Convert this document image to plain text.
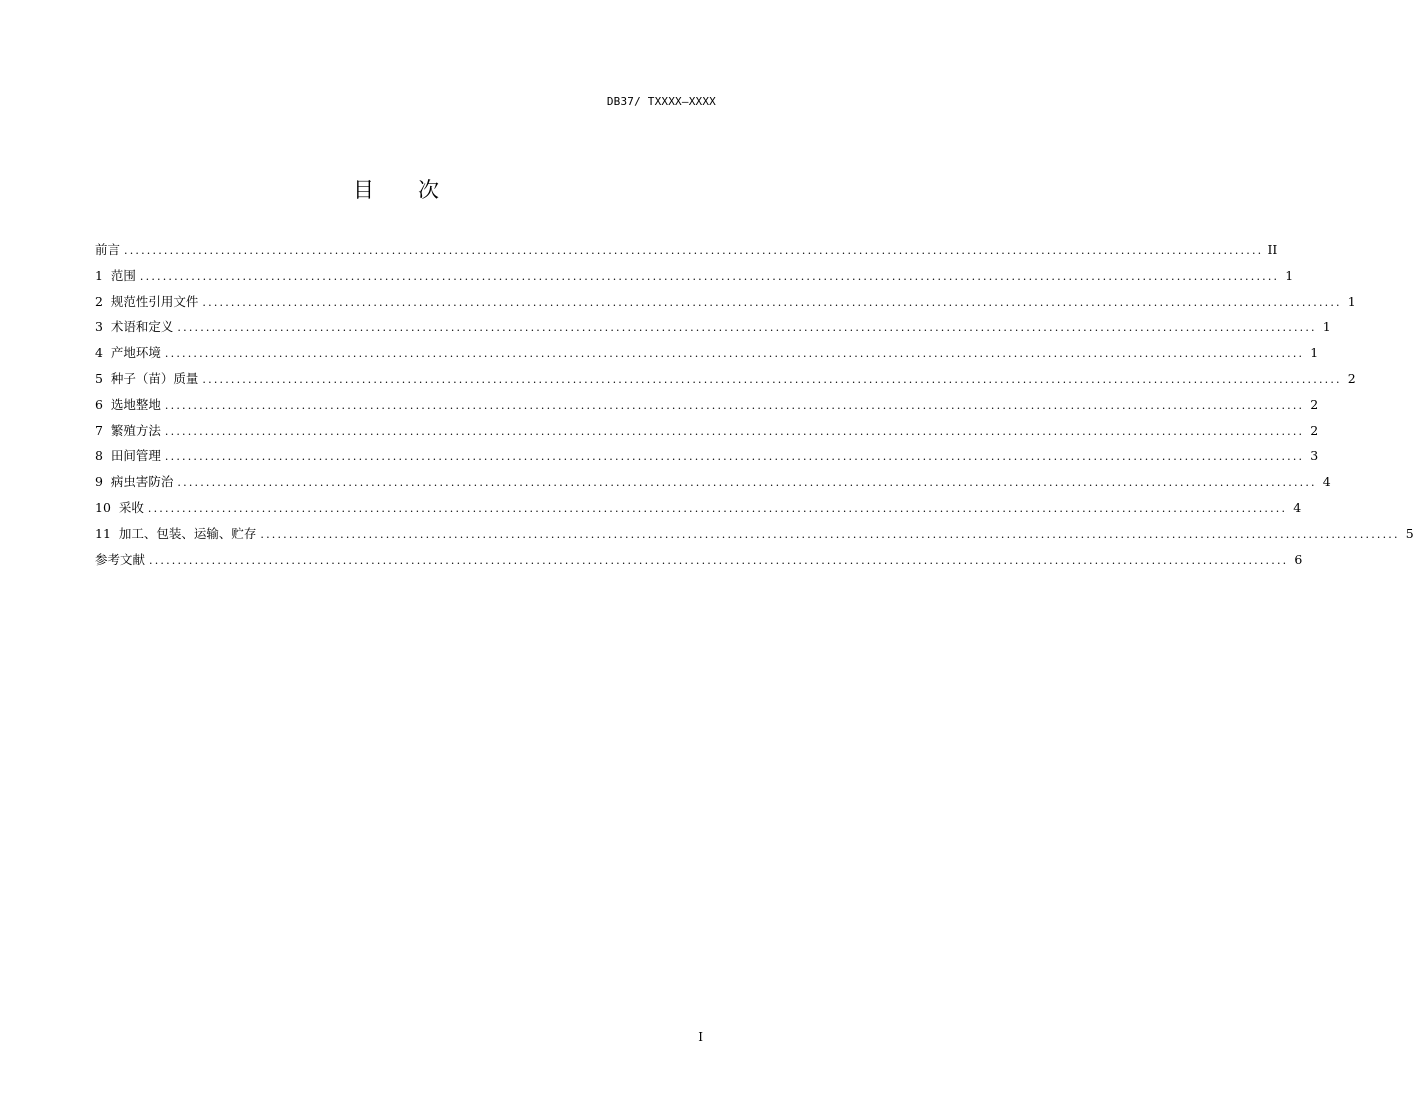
DB37/ TXXXX—XXXX
目 次
前言 ........................................................................................................................................................................................................ II
1 范围 ........................................................................................................................................................................................................ 1
2 规范性引用文件 ........................................................................................................................................................................................................ 1
3 术语和定义 ........................................................................................................................................................................................................ 1
4 产地环境 ........................................................................................................................................................................................................ 1
5 种子（苗）质量 ........................................................................................................................................................................................................ 2
6 选地整地 ........................................................................................................................................................................................................ 2
7 繁殖方法 ........................................................................................................................................................................................................ 2
8 田间管理 ........................................................................................................................................................................................................ 3
9 病虫害防治 ........................................................................................................................................................................................................ 4
10 采收 ........................................................................................................................................................................................................ 4
11 加工、包装、运输、贮存 ........................................................................................................................................................................................................ 5
参考文献 ........................................................................................................................................................................................................ 6
I
